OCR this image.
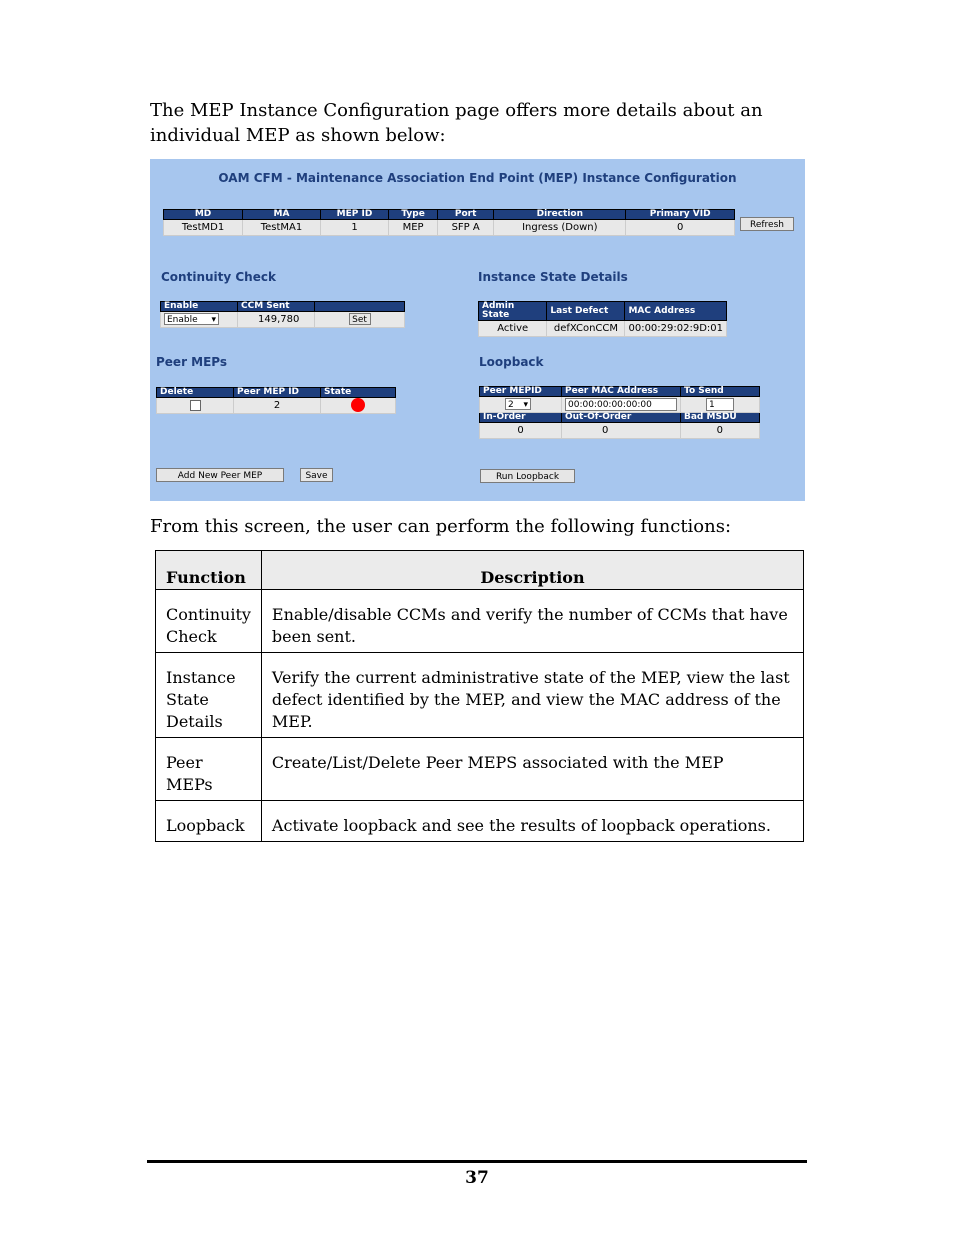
The MEP Instance Configuration page offers more details about an individual MEP as shown below:
OAM CFM - Maintenance Association End Point (MEP) Instance Configuration
MD	MA	MEP ID	Type	Port	Direction	Primary VID
TestMD1	TestMA1	1	MEP	SFP A	Ingress (Down)	0	Refresh
Continuity Check
Enable	CCM Sent	
Enable ▾	149,780	Set
Instance State Details
Admin State	Last Defect	MAC Address
Active	defXConCCM	00:00:29:02:9D:01
Peer MEPs
Delete	Peer MEP ID	State
	2	
Loopback
Peer MEPID	Peer MAC Address	To Send
2 ▾	00:00:00:00:00:00	1
In-Order	Out-Of-Order	Bad MSDU
0	0	0
Add New Peer MEP	Save	Run Loopback
From this screen, the user can perform the following functions:
Function	Description
Continuity Check	Enable/disable CCMs and verify the number of CCMs that have been sent.
Instance State Details	Verify the current administrative state of the MEP, view the last defect identified by the MEP, and view the MAC address of the MEP.
Peer MEPs	Create/List/Delete Peer MEPS associated with the MEP
Loopback	Activate loopback and see the results of loopback operations.
37
